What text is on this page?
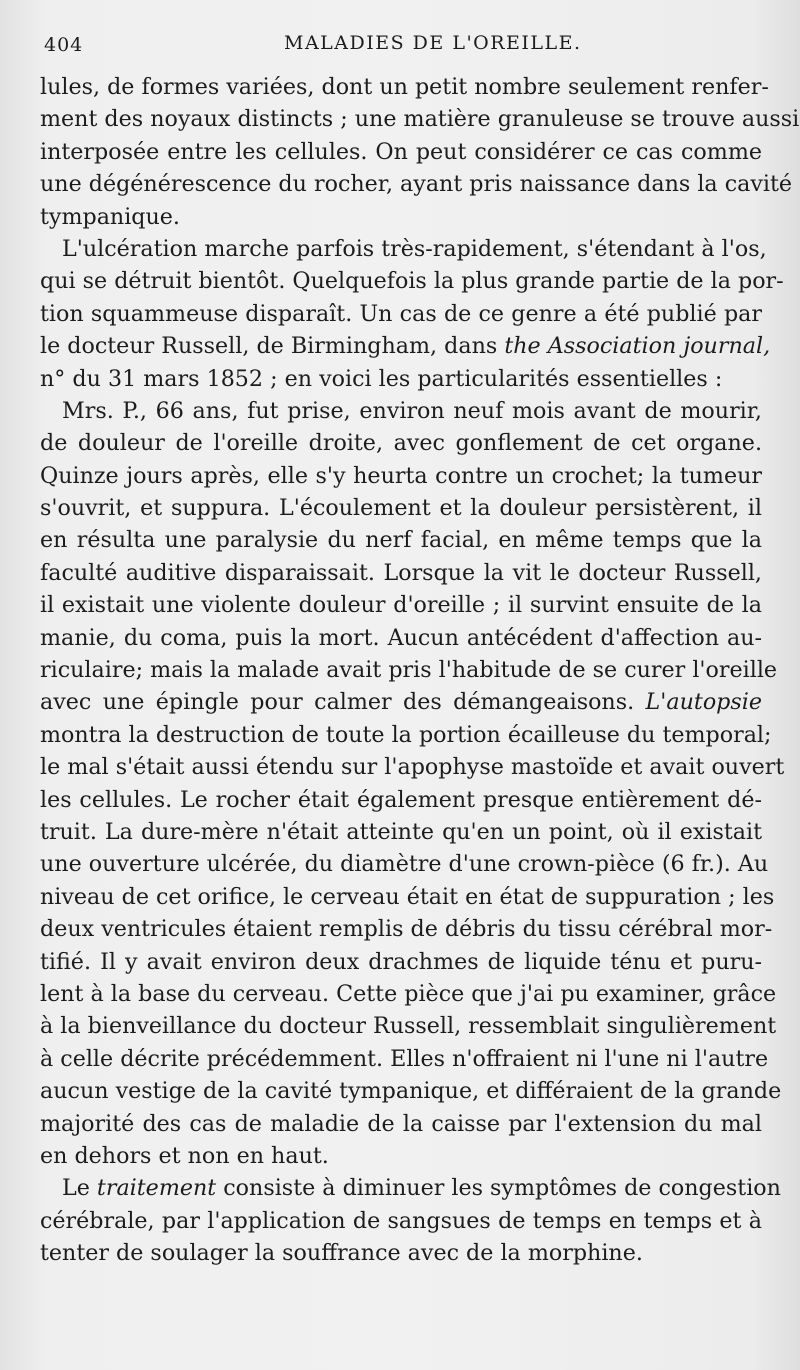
404	MALADIES DE L'OREILLE.

lules, de formes variées, dont un petit nombre seulement renfer-
ment des noyaux distincts ; une matière granuleuse se trouve aussi
interposée entre les cellules. On peut considérer ce cas comme
une dégénérescence du rocher, ayant pris naissance dans la cavité
tympanique.

L'ulcération marche parfois très-rapidement, s'étendant à l'os,
qui se détruit bientôt. Quelquefois la plus grande partie de la por-
tion squammeuse disparaît. Un cas de ce genre a été publié par
le docteur Russell, de Birmingham, dans the Association journal,
n° du 31 mars 1852 ; en voici les particularités essentielles :

Mrs. P., 66 ans, fut prise, environ neuf mois avant de mourir,
de douleur de l'oreille droite, avec gonflement de cet organe.
Quinze jours après, elle s'y heurta contre un crochet; la tumeur
s'ouvrit, et suppura. L'écoulement et la douleur persistèrent, il
en résulta une paralysie du nerf facial, en même temps que la
faculté auditive disparaissait. Lorsque la vit le docteur Russell,
il existait une violente douleur d'oreille ; il survint ensuite de la
manie, du coma, puis la mort. Aucun antécédent d'affection au-
riculaire; mais la malade avait pris l'habitude de se curer l'oreille
avec une épingle pour calmer des démangeaisons. L'autopsie
montra la destruction de toute la portion écailleuse du temporal;
le mal s'était aussi étendu sur l'apophyse mastoïde et avait ouvert
les cellules. Le rocher était également presque entièrement dé-
truit. La dure-mère n'était atteinte qu'en un point, où il existait
une ouverture ulcérée, du diamètre d'une crown-pièce (6 fr.). Au
niveau de cet orifice, le cerveau était en état de suppuration ; les
deux ventricules étaient remplis de débris du tissu cérébral mor-
tifié. Il y avait environ deux drachmes de liquide ténu et puru-
lent à la base du cerveau. Cette pièce que j'ai pu examiner, grâce
à la bienveillance du docteur Russell, ressemblait singulièrement
à celle décrite précédemment. Elles n'offraient ni l'une ni l'autre
aucun vestige de la cavité tympanique, et différaient de la grande
majorité des cas de maladie de la caisse par l'extension du mal
en dehors et non en haut.

Le traitement consiste à diminuer les symptômes de congestion
cérébrale, par l'application de sangsues de temps en temps et à
tenter de soulager la souffrance avec de la morphine.
